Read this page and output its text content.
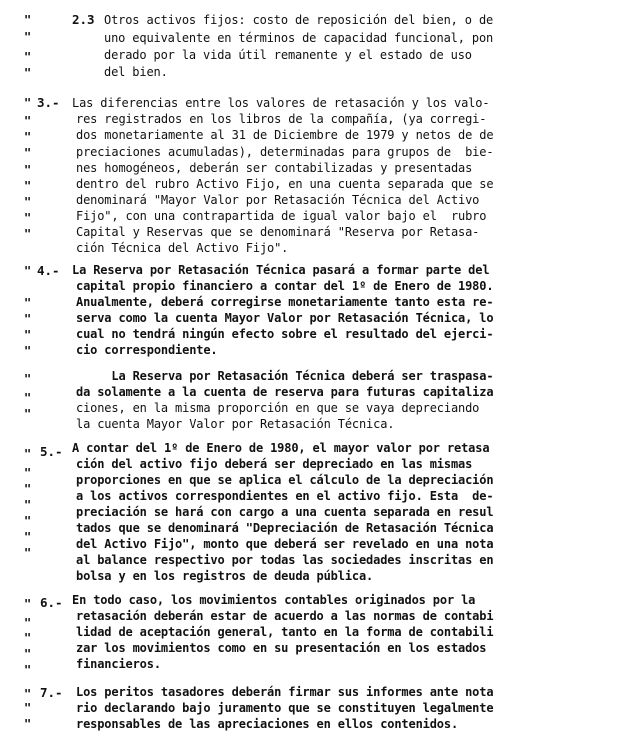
"
"
"
"
2.3 Otros activos fijos: costo de reposición del bien, o de
uno equivalente en términos de capacidad funcional, pon
derado por la vida útil remanente y el estado de uso
del bien.
"
"
"
"
"
"
"
"
"
3.- Las diferencias entre los valores de retasación y los valo-
res registrados en los libros de la compañía, (ya corregi-
dos monetariamente al 31 de Diciembre de 1979 y netos de de
preciaciones acumuladas), determinadas para grupos de  bie-
nes homogéneos, deberán ser contabilizadas y presentadas
dentro del rubro Activo Fijo, en una cuenta separada que se
denominará "Mayor Valor por Retasación Técnica del Activo
Fijo", con una contrapartida de igual valor bajo el  rubro
Capital y Reservas que se denominará "Reserva por Retasa-
ción Técnica del Activo Fijo".
"
"
"
"
"
4.- La Reserva por Retasación Técnica pasará a formar parte del
capital propio financiero a contar del 1º de Enero de 1980.
Anualmente, deberá corregirse monetariamente tanto esta re-
serva como la cuenta Mayor Valor por Retasación Técnica, lo
cual no tendrá ningún efecto sobre el resultado del ejerci-
cio correspondiente.
"
"
"
La Reserva por Retasación Técnica deberá ser traspasa-
da solamente a la cuenta de reserva para futuras capitaliza
ciones, en la misma proporción en que se vaya depreciando
la cuenta Mayor Valor por Retasación Técnica.
"
"
"
"
"
"
"
5.- A contar del 1º de Enero de 1980, el mayor valor por retasa
ción del activo fijo deberá ser depreciado en las mismas
proporciones en que se aplica el cálculo de la depreciación
a los activos correspondientes en el activo fijo. Esta  de-
preciación se hará con cargo a una cuenta separada en resul
tados que se denominará "Depreciación de Retasación Técnica
del Activo Fijo", monto que deberá ser revelado en una nota
al balance respectivo por todas las sociedades inscritas en
bolsa y en los registros de deuda pública.
"
"
"
"
"
6.- En todo caso, los movimientos contables originados por la
retasación deberán estar de acuerdo a las normas de contabi
lidad de aceptación general, tanto en la forma de contabili
zar los movimientos como en su presentación en los estados
financieros.
"
"
"
7.- Los peritos tasadores deberán firmar sus informes ante nota
rio declarando bajo juramento que se constituyen legalmente
responsables de las apreciaciones en ellos contenidos.
